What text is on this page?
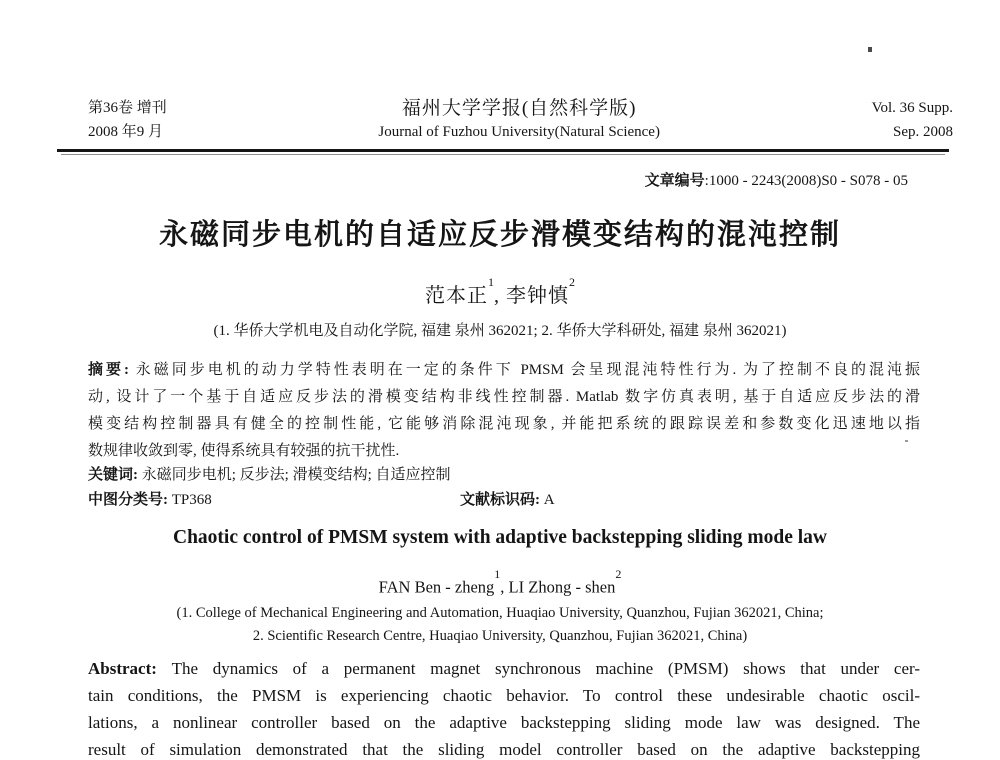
第36卷 增刊
2008 年9 月
福州大学学报(自然科学版)
Journal of Fuzhou University(Natural Science)
Vol. 36 Supp.
Sep. 2008
文章编号:1000 - 2243(2008)S0 - S078 - 05
永磁同步电机的自适应反步滑模变结构的混沌控制
范本正$^1$, 李钟慎$^2$
(1. 华侨大学机电及自动化学院, 福建 泉州 362021; 2. 华侨大学科研处, 福建 泉州 362021)
摘要: 永磁同步电机的动力学特性表明在一定的条件下 PMSM 会呈现混沌特性行为. 为了控制不良的混沌振
动, 设计了一个基于自适应反步法的滑模变结构非线性控制器. Matlab 数字仿真表明, 基于自适应反步法的滑
模变结构控制器具有健全的控制性能, 它能够消除混沌现象, 并能把系统的跟踪误差和参数变化迅速地以指
数规律收敛到零, 使得系统具有较强的抗干扰性.
关键词: 永磁同步电机; 反步法; 滑模变结构; 自适应控制
中图分类号: TP368	文献标识码: A
Chaotic control of PMSM system with adaptive backstepping sliding mode law
FAN Ben - zheng$^1$, LI Zhong - shen$^2$
(1. College of Mechanical Engineering and Automation, Huaqiao University, Quanzhou, Fujian 362021, China;
2. Scientific Research Centre, Huaqiao University, Quanzhou, Fujian 362021, China)
Abstract: The dynamics of a permanent magnet synchronous machine (PMSM) shows that under cer-
tain conditions, the PMSM is experiencing chaotic behavior. To control these undesirable chaotic oscil-
lations, a nonlinear controller based on the adaptive backstepping sliding mode law was designed. The
result of simulation demonstrated that the sliding model controller based on the adaptive backstepping
